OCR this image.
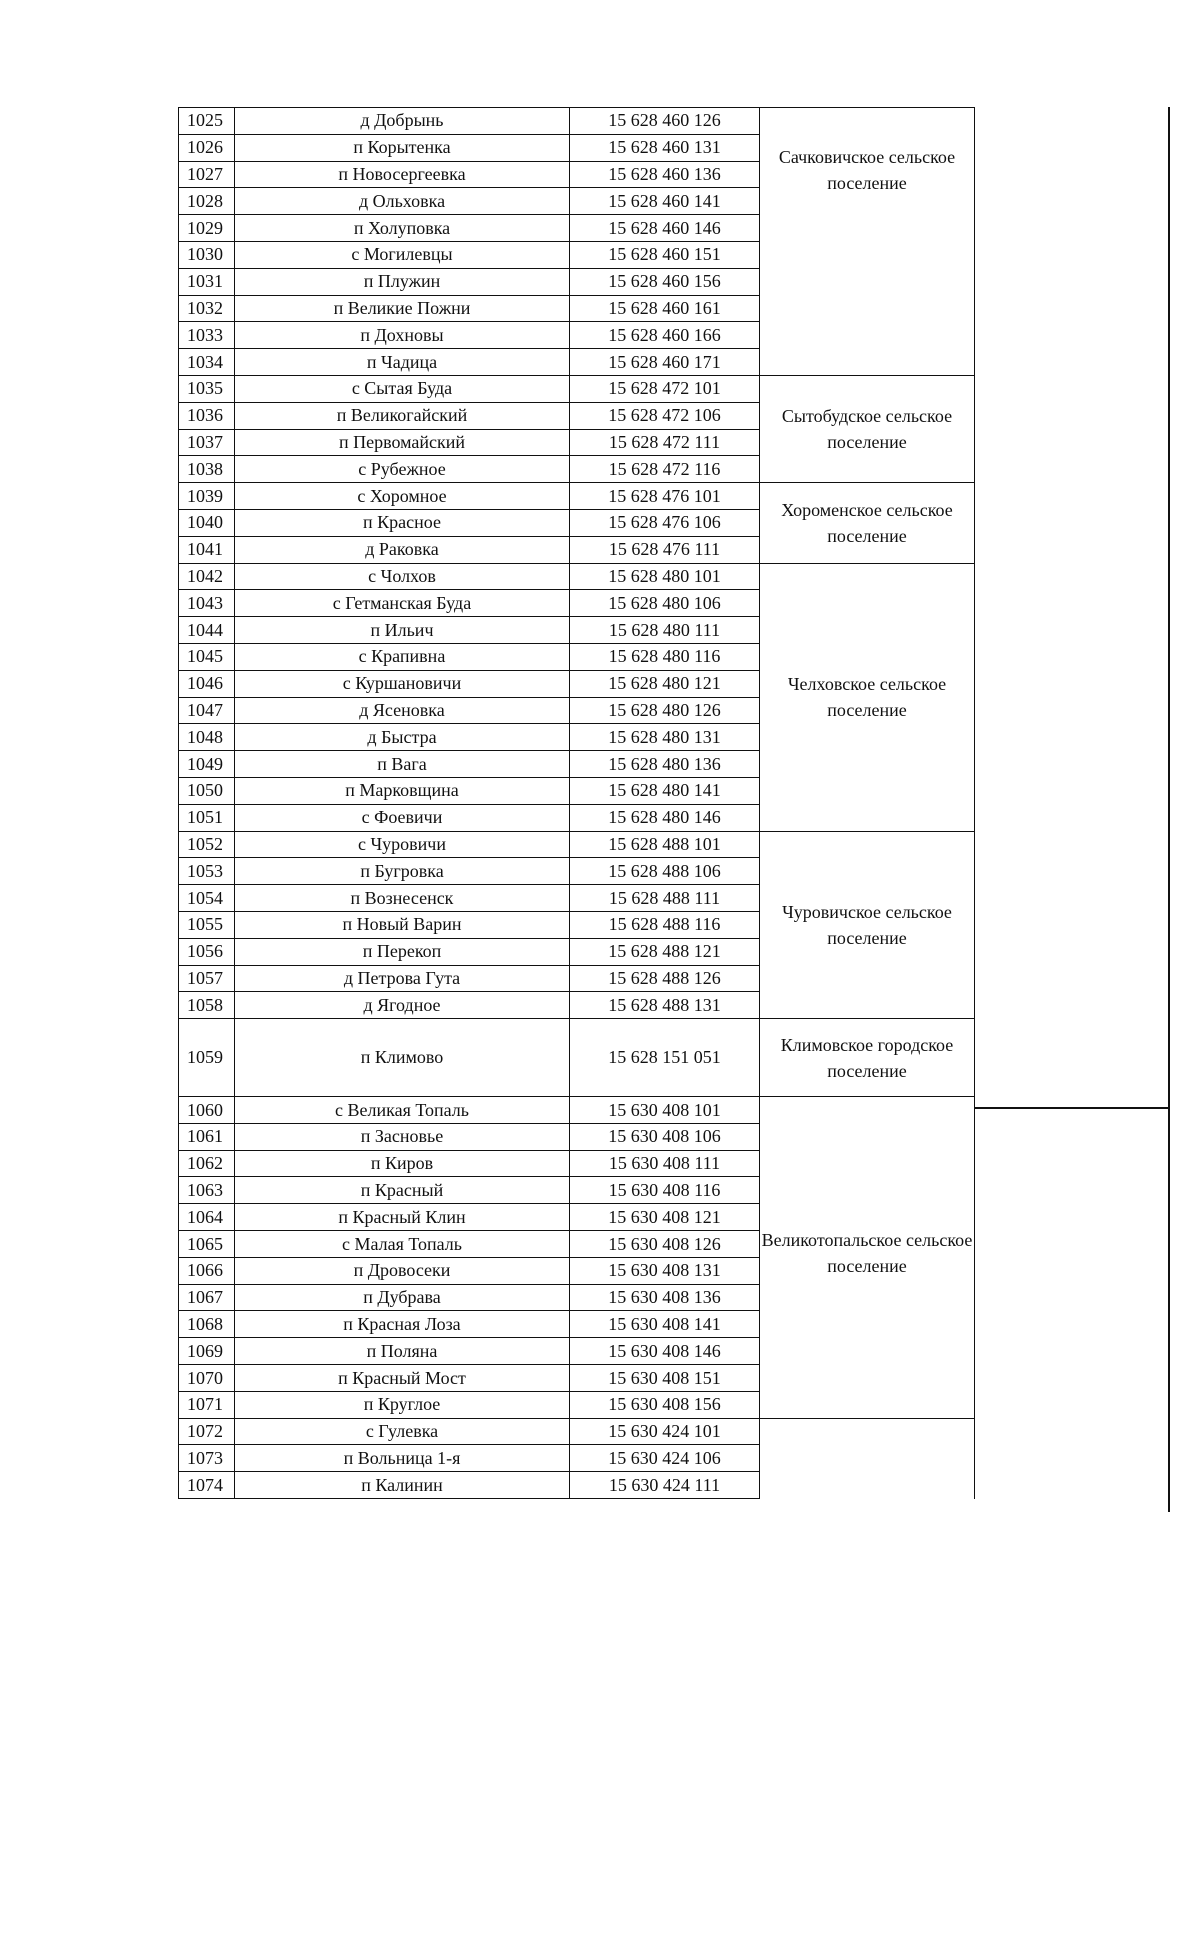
1025	д Добрынь	15 628 460 126	Сачковичское сельское поселение
1026	п Корытенка	15 628 460 131	
1027	п Новосергеевка	15 628 460 136	
1028	д Ольховка	15 628 460 141	
1029	п Холуповка	15 628 460 146	
1030	с Могилевцы	15 628 460 151	
1031	п Плужин	15 628 460 156	
1032	п Великие Пожни	15 628 460 161	
1033	п Дохновы	15 628 460 166	
1034	п Чадица	15 628 460 171	
1035	с Сытая Буда	15 628 472 101	Сытобудское сельское поселение
1036	п Великогайский	15 628 472 106	
1037	п Первомайский	15 628 472 111	
1038	с Рубежное	15 628 472 116	
1039	с Хоромное	15 628 476 101	Хороменское сельское поселение
1040	п Красное	15 628 476 106	
1041	д Раковка	15 628 476 111	
1042	с Чолхов	15 628 480 101	Челховское сельское поселение
1043	с Гетманская Буда	15 628 480 106	
1044	п Ильич	15 628 480 111	
1045	с Крапивна	15 628 480 116	
1046	с Куршановичи	15 628 480 121	
1047	д Ясеновка	15 628 480 126	
1048	д Быстра	15 628 480 131	
1049	п Вага	15 628 480 136	
1050	п Марковщина	15 628 480 141	
1051	с Фоевичи	15 628 480 146	
1052	с Чуровичи	15 628 488 101	Чуровичское сельское поселение
1053	п Бугровка	15 628 488 106	
1054	п Вознесенск	15 628 488 111	
1055	п Новый Варин	15 628 488 116	
1056	п Перекоп	15 628 488 121	
1057	д Петрова Гута	15 628 488 126	
1058	д Ягодное	15 628 488 131	
1059	п Климово	15 628 151 051	Климовское городское поселение
1060	с Великая Топаль	15 630 408 101	Великотопальское сельское поселение
1061	п Засновье	15 630 408 106	
1062	п Киров	15 630 408 111	
1063	п Красный	15 630 408 116	
1064	п Красный Клин	15 630 408 121	
1065	с Малая Топаль	15 630 408 126	
1066	п Дровосеки	15 630 408 131	
1067	п Дубрава	15 630 408 136	
1068	п Красная Лоза	15 630 408 141	
1069	п Поляна	15 630 408 146	
1070	п Красный Мост	15 630 408 151	
1071	п Круглое	15 630 408 156	
1072	с Гулевка	15 630 424 101	
1073	п Вольница 1-я	15 630 424 106	
1074	п Калинин	15 630 424 111	
